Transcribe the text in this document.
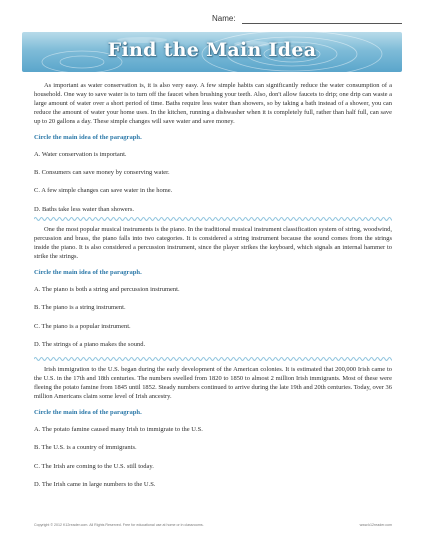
Name:
Find the Main Idea

As important as water conservation is, it is also very easy. A few simple habits can significantly reduce the water consumption of a household. One way to save water is to turn off the faucet when brushing your teeth. Also, don't allow faucets to drip; one drip can waste a large amount of water over a short period of time. Baths require less water than showers, so by taking a bath instead of a shower, you can reduce the amount of water your home uses. In the kitchen, running a dishwasher when it is completely full, rather than half full, can save up to 20 gallons a day. These simple changes will save water and save money.

Circle the main idea of the paragraph.
A. Water conservation is important.
B. Consumers can save money by conserving water.
C. A few simple changes can save water in the home.
D. Baths take less water than showers.

One the most popular musical instruments is the piano. In the traditional musical instrument classification system of string, woodwind, percussion and brass, the piano falls into two categories. It is considered a string instrument because the sound comes from the strings inside the piano. It is also considered a percussion instrument, since the player strikes the keyboard, which signals an internal hammer to strike the strings.

Circle the main idea of the paragraph.
A. The piano is both a string and percussion instrument.
B. The piano is a string instrument.
C. The piano is a popular instrument.
D. The strings of a piano makes the sound.

Irish immigration to the U.S. began during the early development of the American colonies. It is estimated that 200,000 Irish came to the U.S. in the 17th and 18th centuries. The numbers swelled from 1820 to 1850 to almost 2 million Irish immigrants. Most of these were fleeing the potato famine from 1845 until 1852. Steady numbers continued to arrive during the late 19th and 20th centuries. Today, over 36 million Americans claim some level of Irish ancestry.

Circle the main idea of the paragraph.
A. The potato famine caused many Irish to immigrate to the U.S.
B. The U.S. is a country of immigrants.
C. The Irish are coming to the U.S. still today.
D. The Irish came in large numbers to the U.S.
Copyright © 2012 K12reader.com. All Rights Reserved. Free for educational use at home or in classrooms.	www.k12reader.com
